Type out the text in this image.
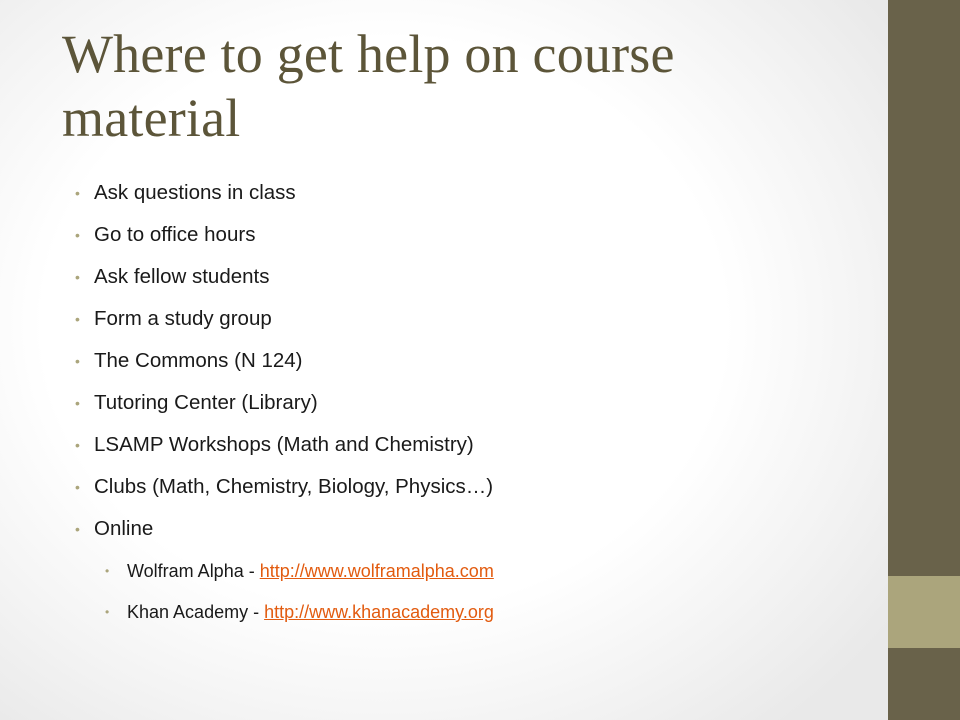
Where to get help on course material
• Ask questions in class
• Go to office hours
• Ask fellow students
• Form a study group
• The Commons (N 124)
• Tutoring Center (Library)
• LSAMP Workshops (Math and Chemistry)
• Clubs (Math, Chemistry, Biology, Physics…)
• Online
• Wolfram Alpha - http://www.wolframalpha.com
• Khan Academy - http://www.khanacademy.org
